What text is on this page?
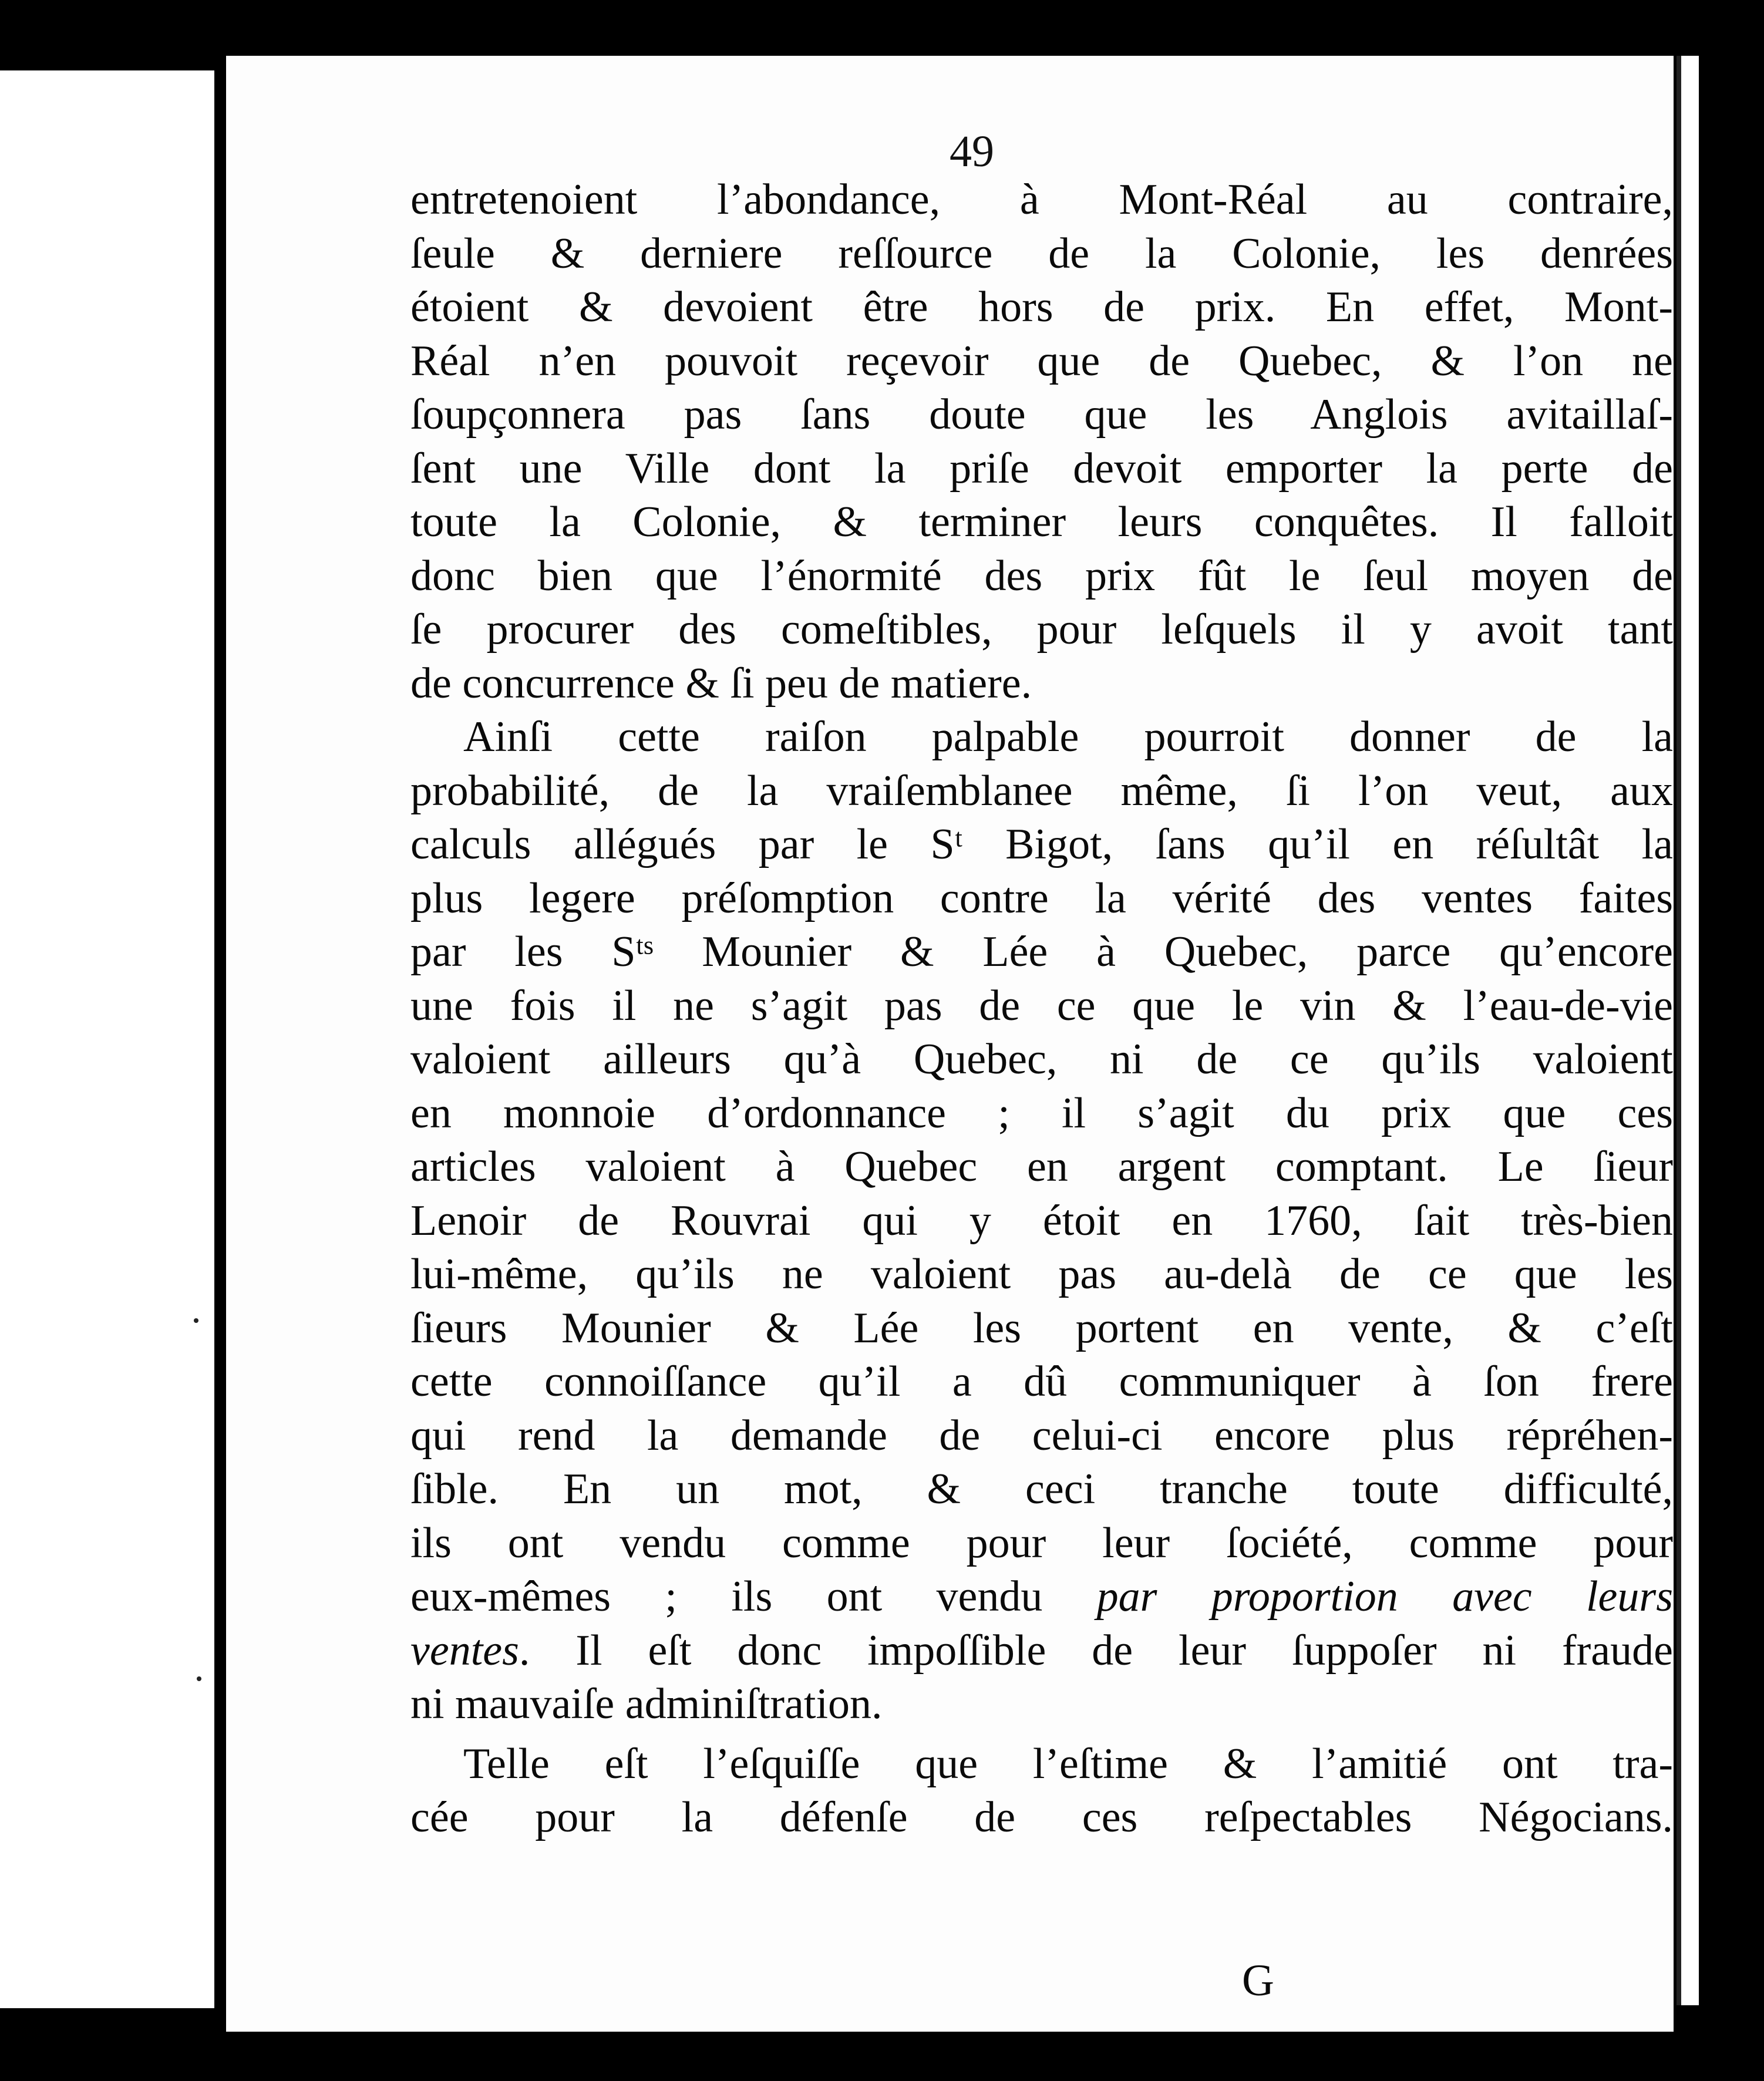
49
entretenoient l’abondance, à Mont-Réal au contraire,
ſeule & derniere reſſource de la Colonie, les denrées
étoient & devoient être hors de prix. En effet, Mont-
Réal n’en pouvoit reçevoir que de Quebec, & l’on ne
ſoupçonnera pas ſans doute que les Anglois avitaillaſ-
ſent une Ville dont la priſe devoit emporter la perte de
toute la Colonie, & terminer leurs conquêtes. Il falloit
donc bien que l’énormité des prix fût le ſeul moyen de
ſe procurer des comeſtibles, pour leſquels il y avoit tant
de concurrence & ſi peu de matiere.
Ainſi cette raiſon palpable pourroit donner de la
probabilité, de la vraiſemblanee même, ſi l’on veut, aux
calculs allégués par le Sᵗ Bigot, ſans qu’il en réſultât la
plus legere préſomption contre la vérité des ventes faites
par les Sᵗˢ Mounier & Lée à Quebec, parce qu’encore
une fois il ne s’agit pas de ce que le vin & l’eau-de-vie
valoient ailleurs qu’à Quebec, ni de ce qu’ils valoient
en monnoie d’ordonnance ; il s’agit du prix que ces
articles valoient à Quebec en argent comptant. Le ſieur
Lenoir de Rouvrai qui y étoit en 1760, ſait très-bien
lui-même, qu’ils ne valoient pas au-delà de ce que les
ſieurs Mounier & Lée les portent en vente, & c’eſt
cette connoiſſance qu’il a dû communiquer à ſon frere
qui rend la demande de celui-ci encore plus répréhen-
ſible. En un mot, & ceci tranche toute difficulté,
ils ont vendu comme pour leur ſociété, comme pour
eux-mêmes ; ils ont vendu par proportion avec leurs
ventes. Il eſt donc impoſſible de leur ſuppoſer ni fraude
ni mauvaiſe adminiſtration.
Telle eſt l’eſquiſſe que l’eſtime & l’amitié ont tra-
cée pour la défenſe de ces reſpectables Négocians.
G
